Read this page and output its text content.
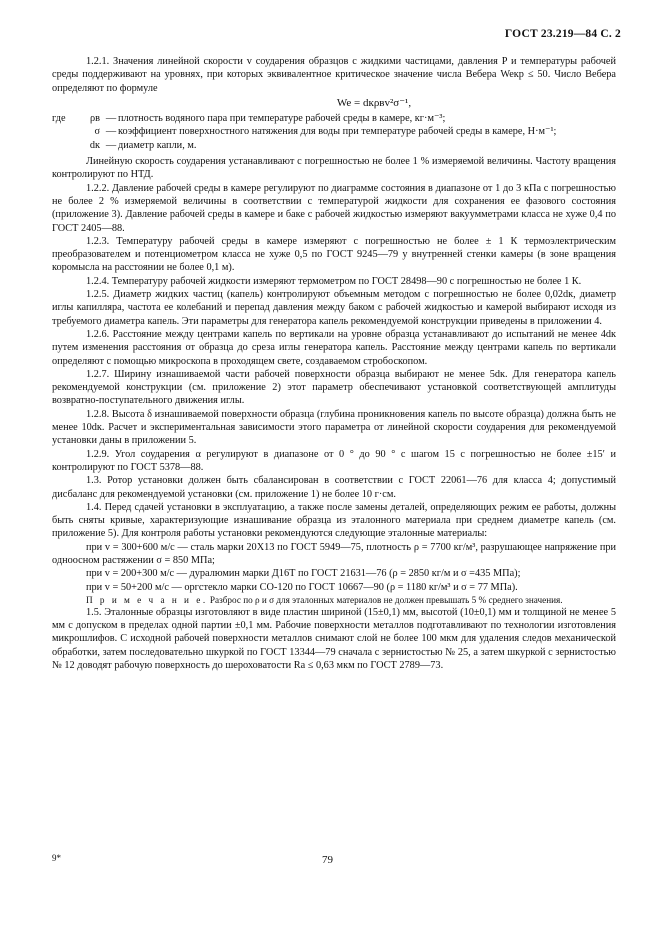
ГОСТ 23.219—84 С. 2

1.2.1. Значения линейной скорости v соударения образцов с жидкими частицами, давления P и температуры рабочей среды поддерживают на уровнях, при которых эквивалентное критическое значение числа Вебера Weкр ≤ 50. Число Вебера определяют по формуле

We = dкρвv²σ⁻¹,
где	ρв — плотность водяного пара при температуре рабочей среды в камере, кг·м⁻³;
σ — коэффициент поверхностного натяжения для воды при температуре рабочей среды в камере, Н·м⁻¹;
dк — диаметр капли, м.

Линейную скорость соударения устанавливают с погрешностью не более 1 % измеряемой величины. Частоту вращения контролируют по НТД.

1.2.2. Давление рабочей среды в камере регулируют по диаграмме состояния в диапазоне от 1 до 3 кПа с погрешностью не более 2 % измеряемой величины в соответствии с температурой жидкости для сохранения ее фазового состояния (приложение 3). Давление рабочей среды в камере и баке с рабочей жидкостью измеряют вакуумметрами класса не хуже 0,4 по ГОСТ 2405—88.

1.2.3. Температуру рабочей среды в камере измеряют с погрешностью не более ± 1 К термоэлектрическим преобразователем и потенциометром класса не хуже 0,5 по ГОСТ 9245—79 у внутренней стенки камеры (в зоне вращения коромысла на расстоянии не более 0,1 м).

1.2.4. Температуру рабочей жидкости измеряют термометром по ГОСТ 28498—90 с погрешностью не более 1 К.

1.2.5. Диаметр жидких частиц (капель) контролируют объемным методом с погрешностью не более 0,02dк, диаметр иглы капилляра, частота ее колебаний и перепад давления между баком с рабочей жидкостью и камерой выбирают исходя из требуемого диаметра капель. Эти параметры для генератора капель рекомендуемой конструкции приведены в приложении 4.

1.2.6. Расстояние между центрами капель по вертикали на уровне образца устанавливают до испытаний не менее 4dк путем изменения расстояния от образца до среза иглы генератора капель. Расстояние между центрами капель по вертикали определяют с помощью микроскопа в проходящем свете, создаваемом стробоскопом.

1.2.7. Ширину изнашиваемой части рабочей поверхности образца выбирают не менее 5dк. Для генератора капель рекомендуемой конструкции (см. приложение 2) этот параметр обеспечивают установкой соответствующей амплитуды возвратно-поступательного движения иглы.

1.2.8. Высота δ изнашиваемой поверхности образца (глубина проникновения капель по высоте образца) должна быть не менее 10dк. Расчет и экспериментальная зависимости этого параметра от линейной скорости соударения для рекомендуемой установки даны в приложении 5.

1.2.9. Угол соударения α регулируют в диапазоне от 0 ° до 90 ° с шагом 15 с погрешностью не более ±15′ и контролируют по ГОСТ 5378—88.

1.3. Ротор установки должен быть сбалансирован в соответствии с ГОСТ 22061—76 для класса 4; допустимый дисбаланс для рекомендуемой установки (см. приложение 1) не более 10 г·см.

1.4. Перед сдачей установки в эксплуатацию, а также после замены деталей, определяющих режим ее работы, должны быть сняты кривые, характеризующие изнашивание образца из эталонного материала при среднем диаметре капель (см. приложение 5). Для контроля работы установки рекомендуются следующие эталонные материалы:

при v = 300+600 м/с — сталь марки 20Х13 по ГОСТ 5949—75, плотность ρ = 7700 кг/м³, разрушающее напряжение при одноосном растяжении σ = 850 МПа;

при v = 200+300 м/с — дуралюмин марки Д16Т по ГОСТ 21631—76 (ρ = 2850 кг/м и σ =435 МПа);

при v = 50+200 м/с — оргстекло марки СО-120 по ГОСТ 10667—90 (ρ = 1180 кг/м³ и σ = 77 МПа).

П р и м е ч а н и е. Разброс по ρ и σ для эталонных материалов не должен превышать 5 % среднего значения.

1.5. Эталонные образцы изготовляют в виде пластин шириной (15±0,1) мм, высотой (10±0,1) мм и толщиной не менее 5 мм с допуском в пределах одной партии ±0,1 мм. Рабочие поверхности металлов подготавливают по технологии изготовления микрошлифов. С исходной рабочей поверхности металлов снимают слой не более 100 мкм для удаления следов механической обработки, затем последовательно шкуркой по ГОСТ 13344—79 сначала с зернистостью № 25, а затем шкуркой с зернистостью № 12 доводят рабочую поверхность до шероховатости Ra ≤ 0,63 мкм по ГОСТ 2789—73.

9*	79
